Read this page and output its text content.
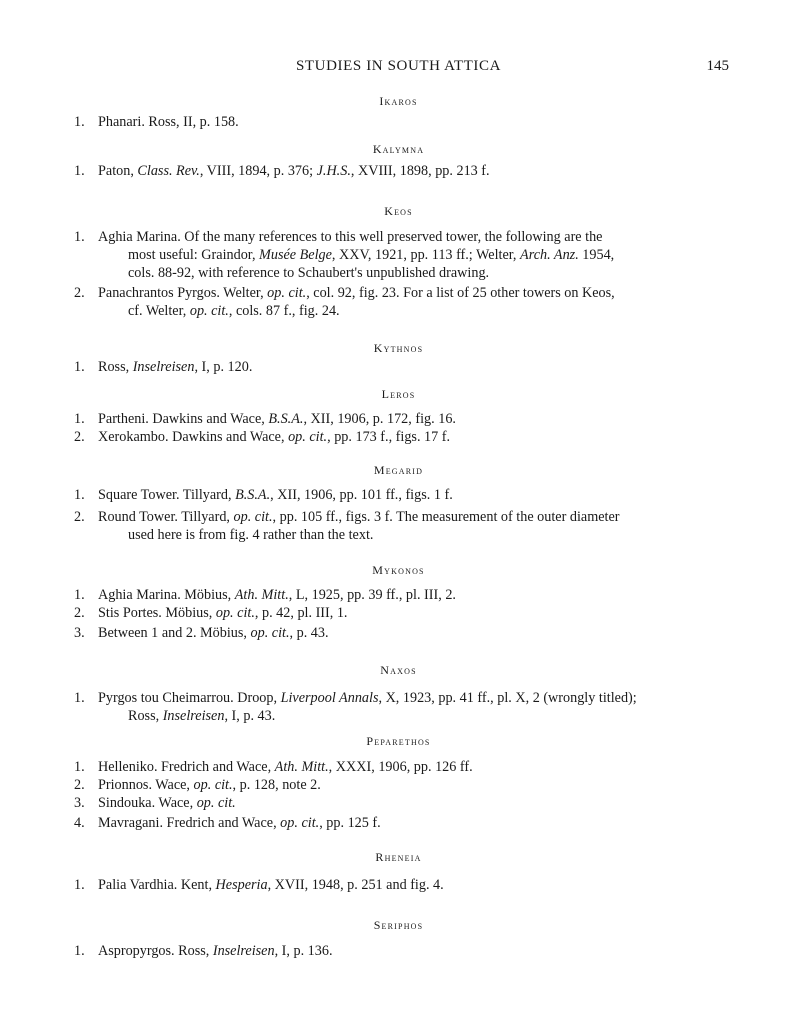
STUDIES IN SOUTH ATTICA	145
Ikaros
1. Phanari. Ross, II, p. 158.
Kalymna
1. Paton, Class. Rev., VIII, 1894, p. 376; J.H.S., XVIII, 1898, pp. 213 f.
Keos
1. Aghia Marina. Of the many references to this well preserved tower, the following are the
most useful: Graindor, Musée Belge, XXV, 1921, pp. 113 ff.; Welter, Arch. Anz. 1954,
cols. 88-92, with reference to Schaubert's unpublished drawing.
2. Panachrantos Pyrgos. Welter, op. cit., col. 92, fig. 23. For a list of 25 other towers on Keos,
cf. Welter, op. cit., cols. 87 f., fig. 24.
Kythnos
1. Ross, Inselreisen, I, p. 120.
Leros
1. Partheni. Dawkins and Wace, B.S.A., XII, 1906, p. 172, fig. 16.
2. Xerokambo. Dawkins and Wace, op. cit., pp. 173 f., figs. 17 f.
Megarid
1. Square Tower. Tillyard, B.S.A., XII, 1906, pp. 101 ff., figs. 1 f.
2. Round Tower. Tillyard, op. cit., pp. 105 ff., figs. 3 f. The measurement of the outer diameter
used here is from fig. 4 rather than the text.
Mykonos
1. Aghia Marina. Möbius, Ath. Mitt., L, 1925, pp. 39 ff., pl. III, 2.
2. Stis Portes. Möbius, op. cit., p. 42, pl. III, 1.
3. Between 1 and 2. Möbius, op. cit., p. 43.
Naxos
1. Pyrgos tou Cheimarrou. Droop, Liverpool Annals, X, 1923, pp. 41 ff., pl. X, 2 (wrongly titled);
Ross, Inselreisen, I, p. 43.
Peparethos
1. Helleniko. Fredrich and Wace, Ath. Mitt., XXXI, 1906, pp. 126 ff.
2. Prionnos. Wace, op. cit., p. 128, note 2.
3. Sindouka. Wace, op. cit.
4. Mavragani. Fredrich and Wace, op. cit., pp. 125 f.
Rheneia
1. Palia Vardhia. Kent, Hesperia, XVII, 1948, p. 251 and fig. 4.
Seriphos
1. Aspropyrgos. Ross, Inselreisen, I, p. 136.
